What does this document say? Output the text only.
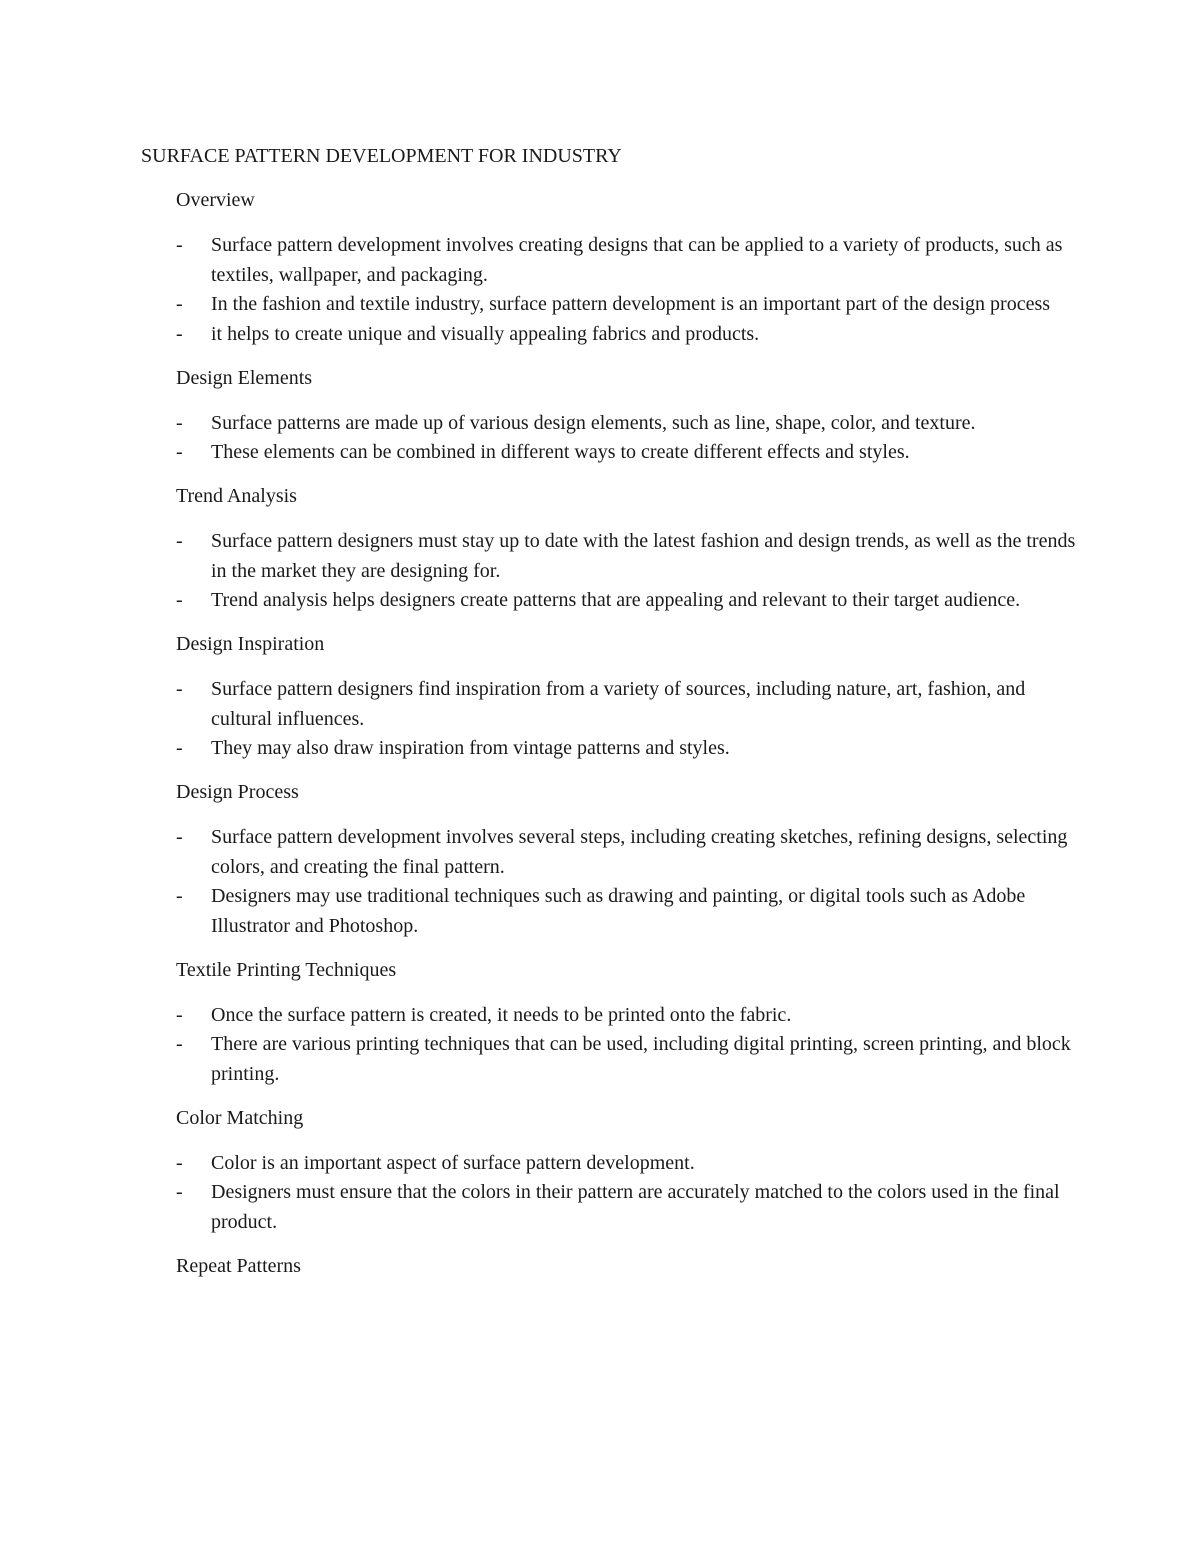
SURFACE PATTERN DEVELOPMENT FOR INDUSTRY
Overview
- Surface pattern development involves creating designs that can be applied to a variety of products, such as textiles, wallpaper, and packaging.
- In the fashion and textile industry, surface pattern development is an important part of the design process
- it helps to create unique and visually appealing fabrics and products.
Design Elements
- Surface patterns are made up of various design elements, such as line, shape, color, and texture.
- These elements can be combined in different ways to create different effects and styles.
Trend Analysis
- Surface pattern designers must stay up to date with the latest fashion and design trends, as well as the trends in the market they are designing for.
- Trend analysis helps designers create patterns that are appealing and relevant to their target audience.
Design Inspiration
- Surface pattern designers find inspiration from a variety of sources, including nature, art, fashion, and cultural influences.
- They may also draw inspiration from vintage patterns and styles.
Design Process
- Surface pattern development involves several steps, including creating sketches, refining designs, selecting colors, and creating the final pattern.
- Designers may use traditional techniques such as drawing and painting, or digital tools such as Adobe Illustrator and Photoshop.
Textile Printing Techniques
- Once the surface pattern is created, it needs to be printed onto the fabric.
- There are various printing techniques that can be used, including digital printing, screen printing, and block printing.
Color Matching
- Color is an important aspect of surface pattern development.
- Designers must ensure that the colors in their pattern are accurately matched to the colors used in the final product.
Repeat Patterns
